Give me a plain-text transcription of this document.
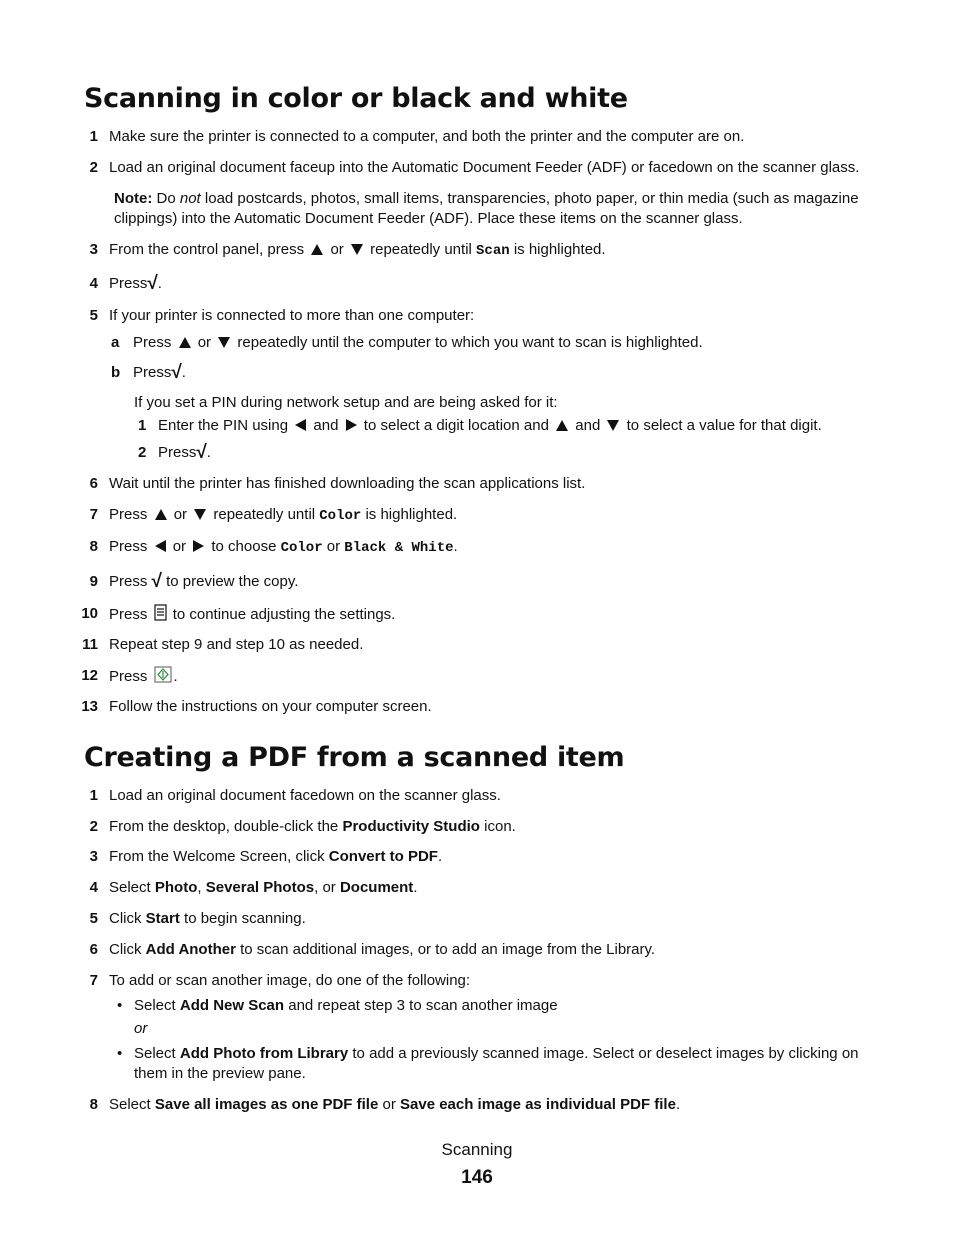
Scanning in color or black and white
1 Make sure the printer is connected to a computer, and both the printer and the computer are on.
2 Load an original document faceup into the Automatic Document Feeder (ADF) or facedown on the scanner glass.
Note: Do not load postcards, photos, small items, transparencies, photo paper, or thin media (such as magazine
clippings) into the Automatic Document Feeder (ADF). Place these items on the scanner glass.
3 From the control panel, press or repeatedly until Scan is highlighted.
4 Press√.
5 If your printer is connected to more than one computer:
a Press or repeatedly until the computer to which you want to scan is highlighted.
b Press√.
If you set a PIN during network setup and are being asked for it:
1 Enter the PIN using and to select a digit location and and to select a value for that digit.
2 Press√.
6 Wait until the printer has finished downloading the scan applications list.
7 Press or repeatedly until Color is highlighted.
8 Press or to choose Color or Black & White.
9 Press √ to preview the copy.
10 Press to continue adjusting the settings.
11 Repeat step 9 and step 10 as needed.
12 Press .
13 Follow the instructions on your computer screen.
Creating a PDF from a scanned item
1 Load an original document facedown on the scanner glass.
2 From the desktop, double-click the Productivity Studio icon.
3 From the Welcome Screen, click Convert to PDF.
4 Select Photo, Several Photos, or Document.
5 Click Start to begin scanning.
6 Click Add Another to scan additional images, or to add an image from the Library.
7 To add or scan another image, do one of the following:
• Select Add New Scan and repeat step 3 to scan another image
or
• Select Add Photo from Library to add a previously scanned image. Select or deselect images by clicking on
them in the preview pane.
8 Select Save all images as one PDF file or Save each image as individual PDF file.
Scanning
146
